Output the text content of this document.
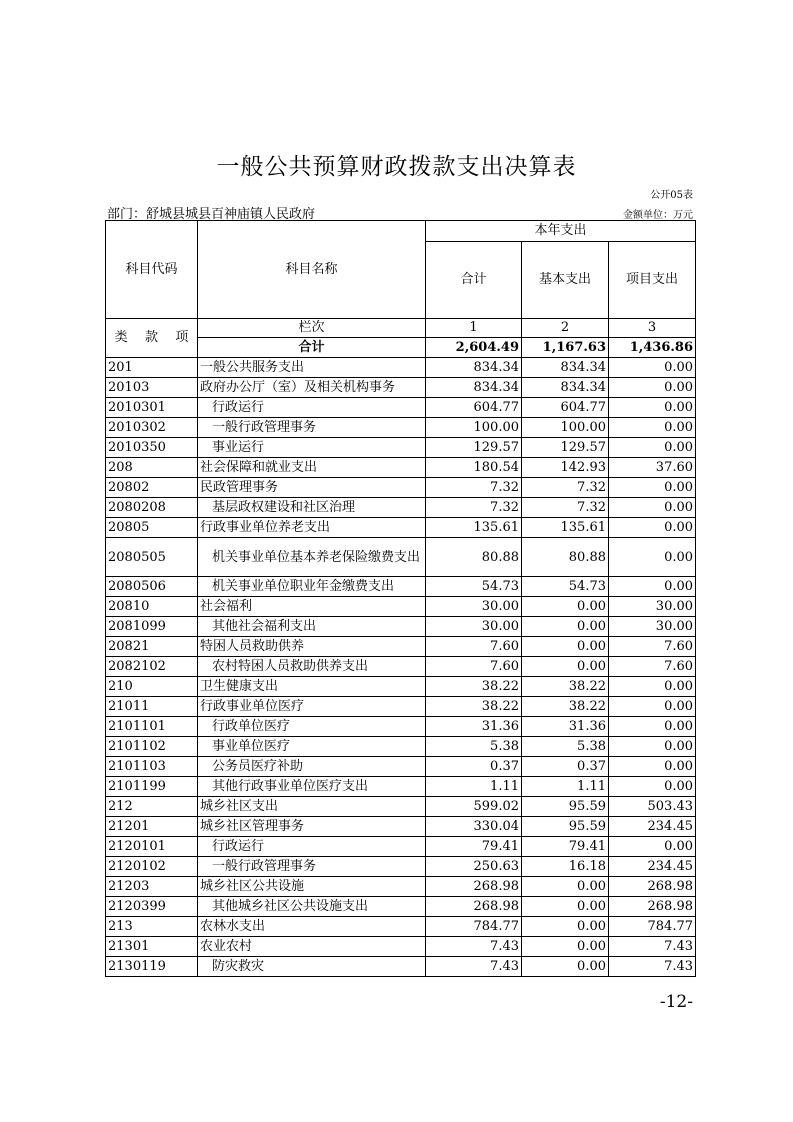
一般公共预算财政拨款支出决算表
公开05表
部门：舒城县城县百神庙镇人民政府	金额单位：万元
科目代码	科目名称	本年支出		
		合计	基本支出	项目支出

类 款 项	栏次	1	2	3
	合计	2,604.49	1,167.63	1,436.86
201	一般公共服务支出	834.34	834.34	0.00
20103	政府办公厅（室）及相关机构事务	834.34	834.34	0.00
2010301	行政运行	604.77	604.77	0.00
2010302	一般行政管理事务	100.00	100.00	0.00
2010350	事业运行	129.57	129.57	0.00
208	社会保障和就业支出	180.54	142.93	37.60
20802	民政管理事务	7.32	7.32	0.00
2080208	基层政权建设和社区治理	7.32	7.32	0.00
20805	行政事业单位养老支出	135.61	135.61	0.00
2080505	机关事业单位基本养老保险缴费支出	80.88	80.88	0.00
2080506	机关事业单位职业年金缴费支出	54.73	54.73	0.00
20810	社会福利	30.00	0.00	30.00
2081099	其他社会福利支出	30.00	0.00	30.00
20821	特困人员救助供养	7.60	0.00	7.60
2082102	农村特困人员救助供养支出	7.60	0.00	7.60
210	卫生健康支出	38.22	38.22	0.00
21011	行政事业单位医疗	38.22	38.22	0.00
2101101	行政单位医疗	31.36	31.36	0.00
2101102	事业单位医疗	5.38	5.38	0.00
2101103	公务员医疗补助	0.37	0.37	0.00
2101199	其他行政事业单位医疗支出	1.11	1.11	0.00
212	城乡社区支出	599.02	95.59	503.43
21201	城乡社区管理事务	330.04	95.59	234.45
2120101	行政运行	79.41	79.41	0.00
2120102	一般行政管理事务	250.63	16.18	234.45
21203	城乡社区公共设施	268.98	0.00	268.98
2120399	其他城乡社区公共设施支出	268.98	0.00	268.98
213	农林水支出	784.77	0.00	784.77
21301	农业农村	7.43	0.00	7.43
2130119	防灾救灾	7.43	0.00	7.43
-12-
